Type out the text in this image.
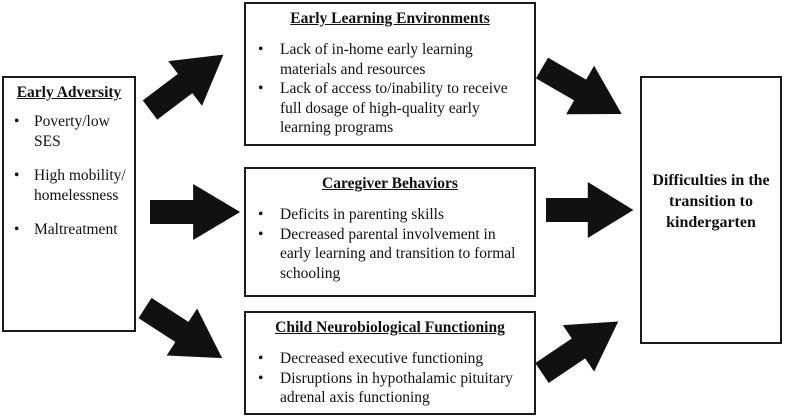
Early Adversity

• Poverty/low SES
• High mobility/ homelessness
• Maltreatment

Early Learning Environments

• Lack of in-home early learning materials and resources
• Lack of access to/inability to receive full dosage of high-quality early learning programs

Caregiver Behaviors

• Deficits in parenting skills
• Decreased parental involvement in early learning and transition to formal schooling

Child Neurobiological Functioning

• Decreased executive functioning
• Disruptions in hypothalamic pituitary adrenal axis functioning
Difficulties in the transition to kindergarten
